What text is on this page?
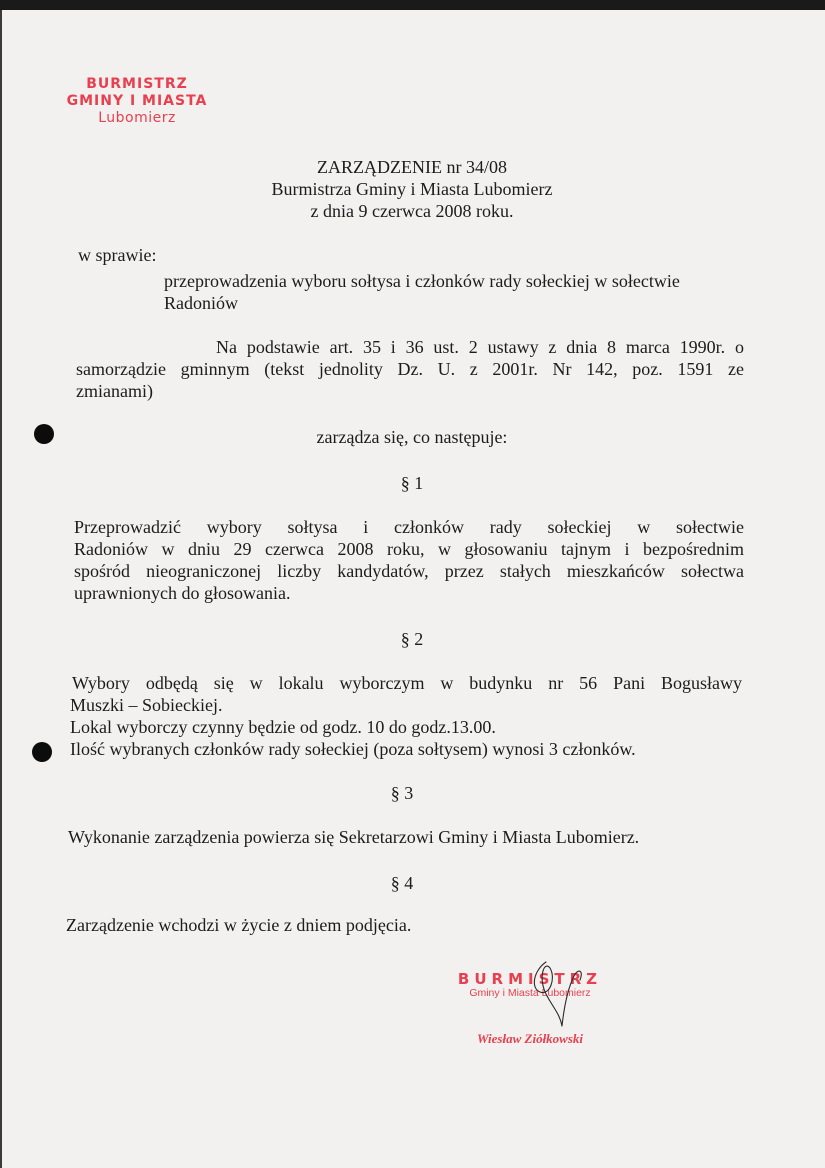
BURMISTRZ
GMINY I MIASTA
Lubomierz
ZARZĄDZENIE nr 34/08
Burmistrza Gminy i Miasta Lubomierz
z dnia 9 czerwca 2008 roku.
w sprawie:
przeprowadzenia wyboru sołtysa i członków rady sołeckiej w sołectwie
Radoniów
Na podstawie art. 35 i 36 ust. 2 ustawy z dnia 8 marca 1990r. o
samorządzie gminnym (tekst jednolity Dz. U. z 2001r. Nr 142, poz. 1591 ze
zmianami)
zarządza się, co następuje:
§ 1
Przeprowadzić wybory sołtysa i członków rady sołeckiej w sołectwie
Radoniów w dniu 29 czerwca 2008 roku, w głosowaniu tajnym i bezpośrednim
spośród nieograniczonej liczby kandydatów, przez stałych mieszkańców sołectwa
uprawnionych do głosowania.
§ 2
Wybory odbędą się w lokalu wyborczym w budynku nr 56 Pani Bogusławy
Muszki – Sobieckiej.
Lokal wyborczy czynny będzie od godz. 10 do godz.13.00.
Ilość wybranych członków rady sołeckiej (poza sołtysem) wynosi 3 członków.
§ 3
Wykonanie zarządzenia powierza się Sekretarzowi Gminy i Miasta Lubomierz.
§ 4
Zarządzenie wchodzi w życie z dniem podjęcia.
BURMISTRZ
Gminy i Miasta Lubomierz
Wiesław Ziółkowski
